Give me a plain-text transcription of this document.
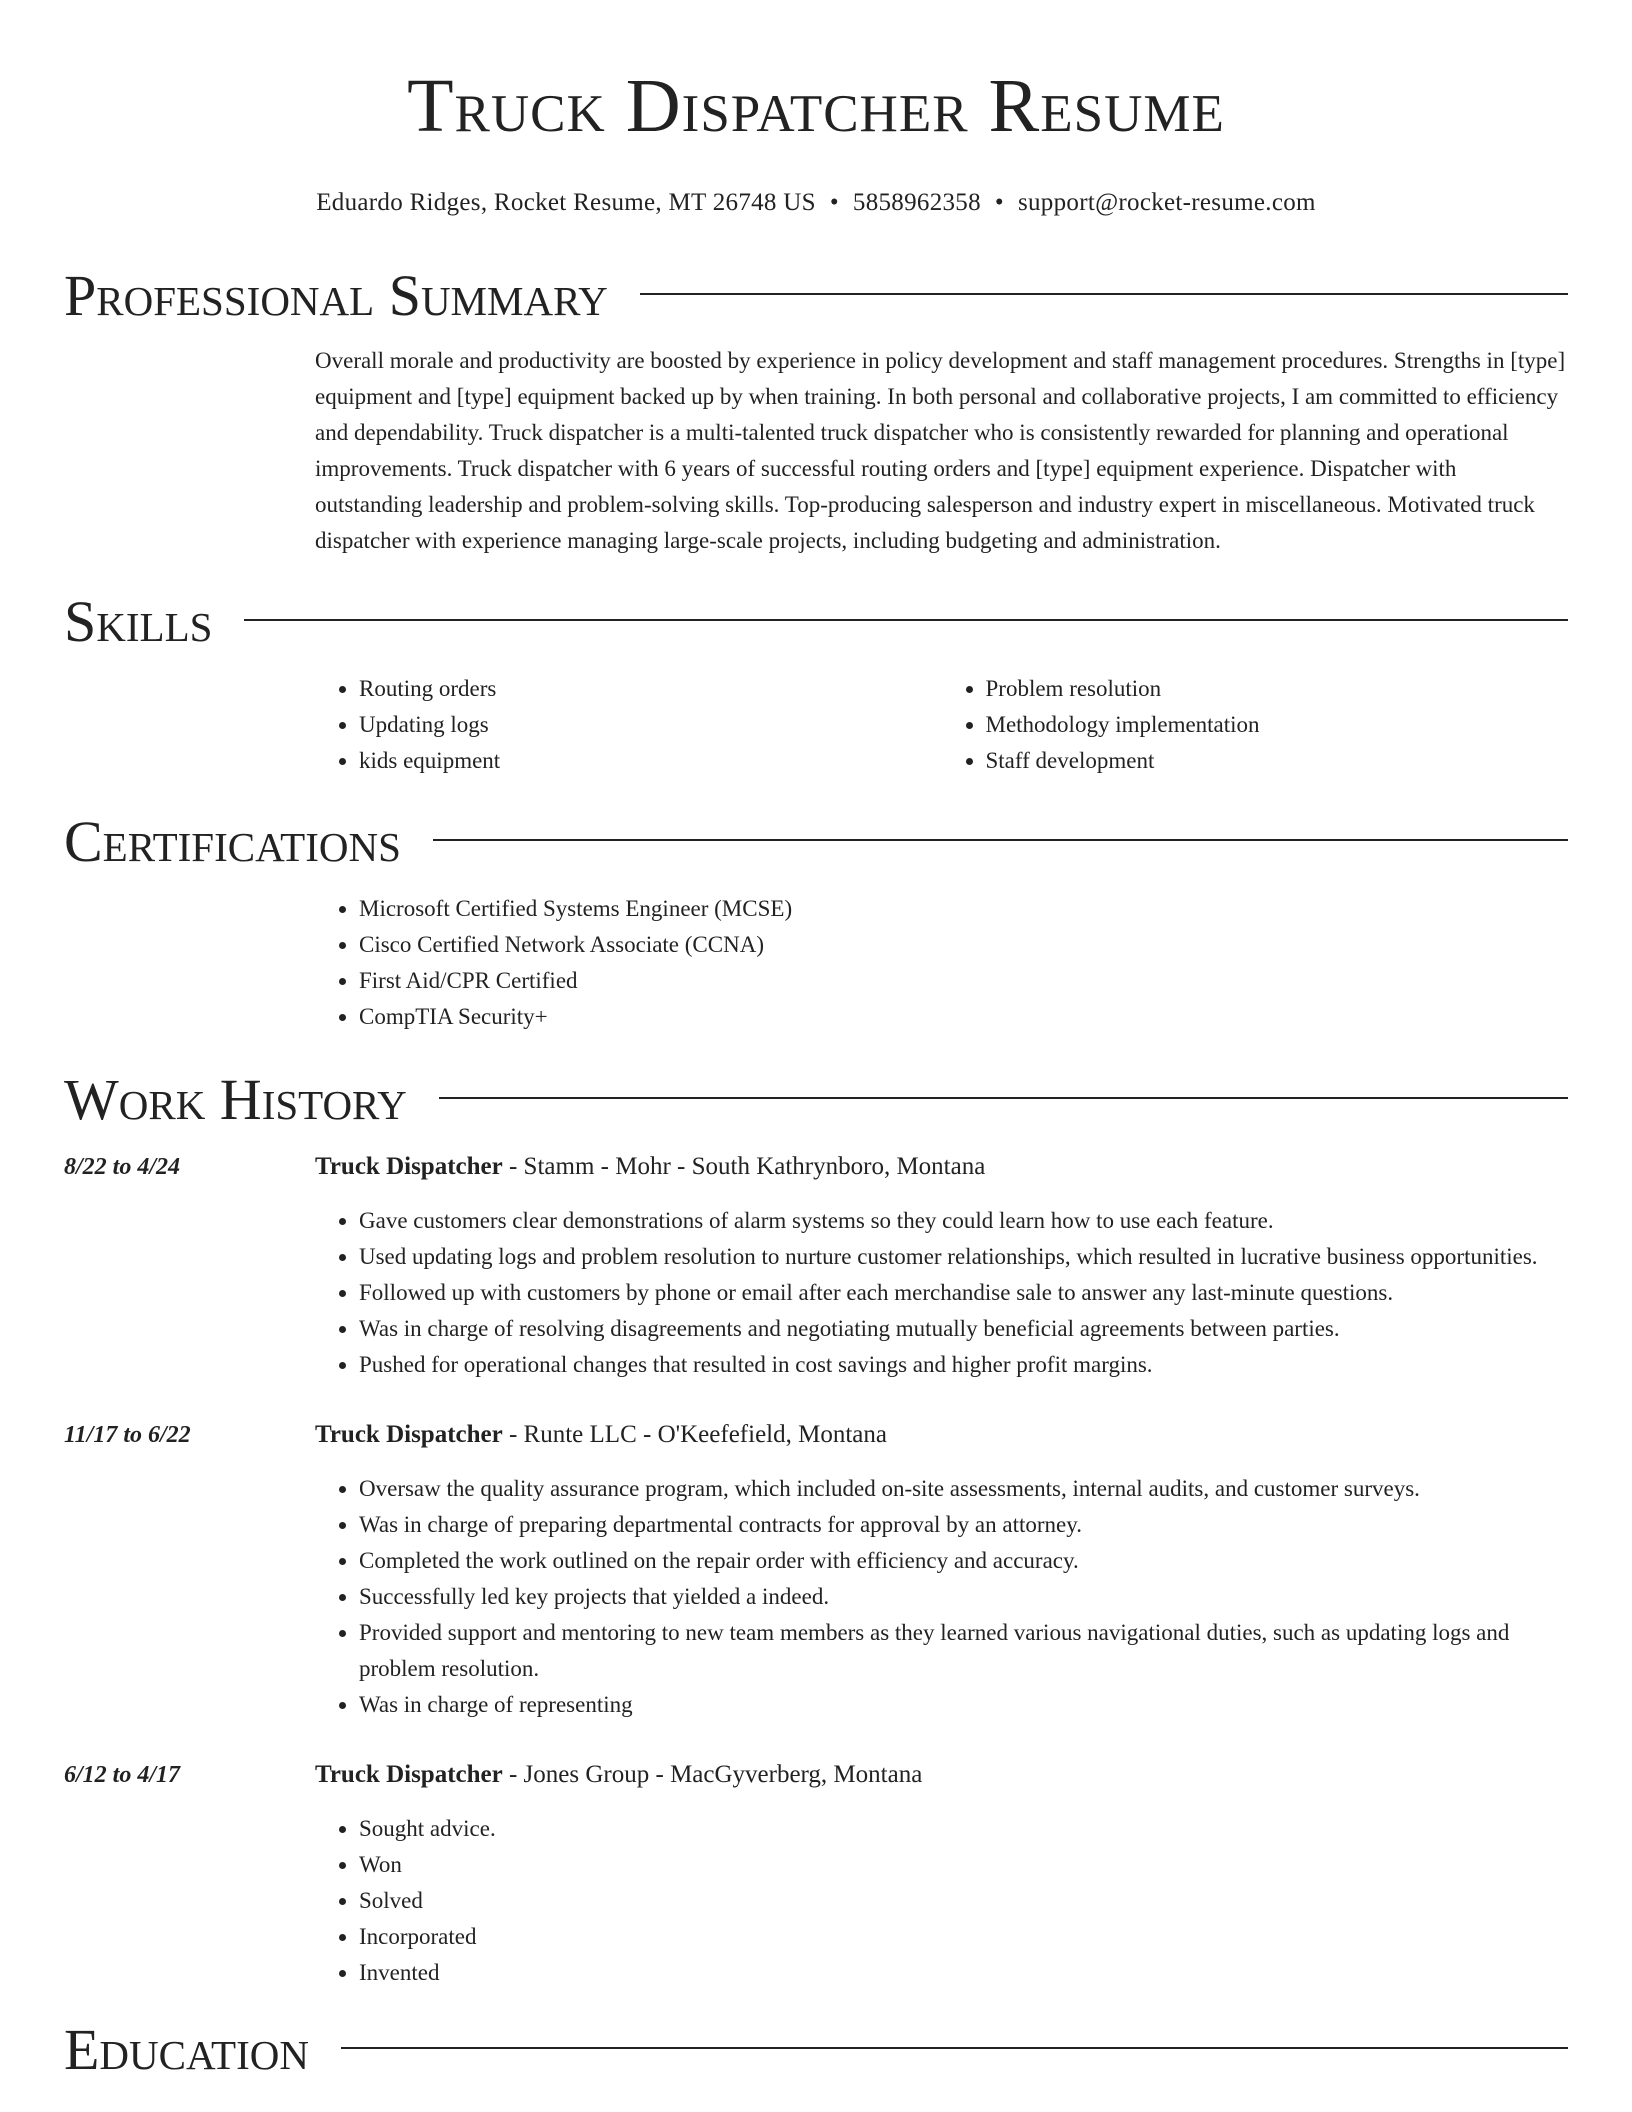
Truck Dispatcher Resume
Eduardo Ridges, Rocket Resume, MT 26748 US • 5858962358 • support@rocket-resume.com
Professional Summary

Overall morale and productivity are boosted by experience in policy development and staff management procedures. Strengths in [type] equipment and [type] equipment backed up by when training. In both personal and collaborative projects, I am committed to efficiency and dependability. Truck dispatcher is a multi-talented truck dispatcher who is consistently rewarded for planning and operational improvements. Truck dispatcher with 6 years of successful routing orders and [type] equipment experience. Dispatcher with outstanding leadership and problem-solving skills. Top-producing salesperson and industry expert in miscellaneous. Motivated truck dispatcher with experience managing large-scale projects, including budgeting and administration.

Skills
• Routing orders
• Updating logs
• kids equipment
• Problem resolution
• Methodology implementation
• Staff development
Certifications
• Microsoft Certified Systems Engineer (MCSE)
• Cisco Certified Network Associate (CCNA)
• First Aid/CPR Certified
• CompTIA Security+
Work History
8/22 to 4/24	Truck Dispatcher - Stamm - Mohr - South Kathrynboro, Montana
• Gave customers clear demonstrations of alarm systems so they could learn how to use each feature.
• Used updating logs and problem resolution to nurture customer relationships, which resulted in lucrative business opportunities.
• Followed up with customers by phone or email after each merchandise sale to answer any last-minute questions.
• Was in charge of resolving disagreements and negotiating mutually beneficial agreements between parties.
• Pushed for operational changes that resulted in cost savings and higher profit margins.
11/17 to 6/22	Truck Dispatcher - Runte LLC - O'Keefefield, Montana
• Oversaw the quality assurance program, which included on-site assessments, internal audits, and customer surveys.
• Was in charge of preparing departmental contracts for approval by an attorney.
• Completed the work outlined on the repair order with efficiency and accuracy.
• Successfully led key projects that yielded a indeed.
• Provided support and mentoring to new team members as they learned various navigational duties, such as updating logs and problem resolution.
• Was in charge of representing
6/12 to 4/17	Truck Dispatcher - Jones Group - MacGyverberg, Montana
• Sought advice.
• Won
• Solved
• Incorporated
• Invented
Education
